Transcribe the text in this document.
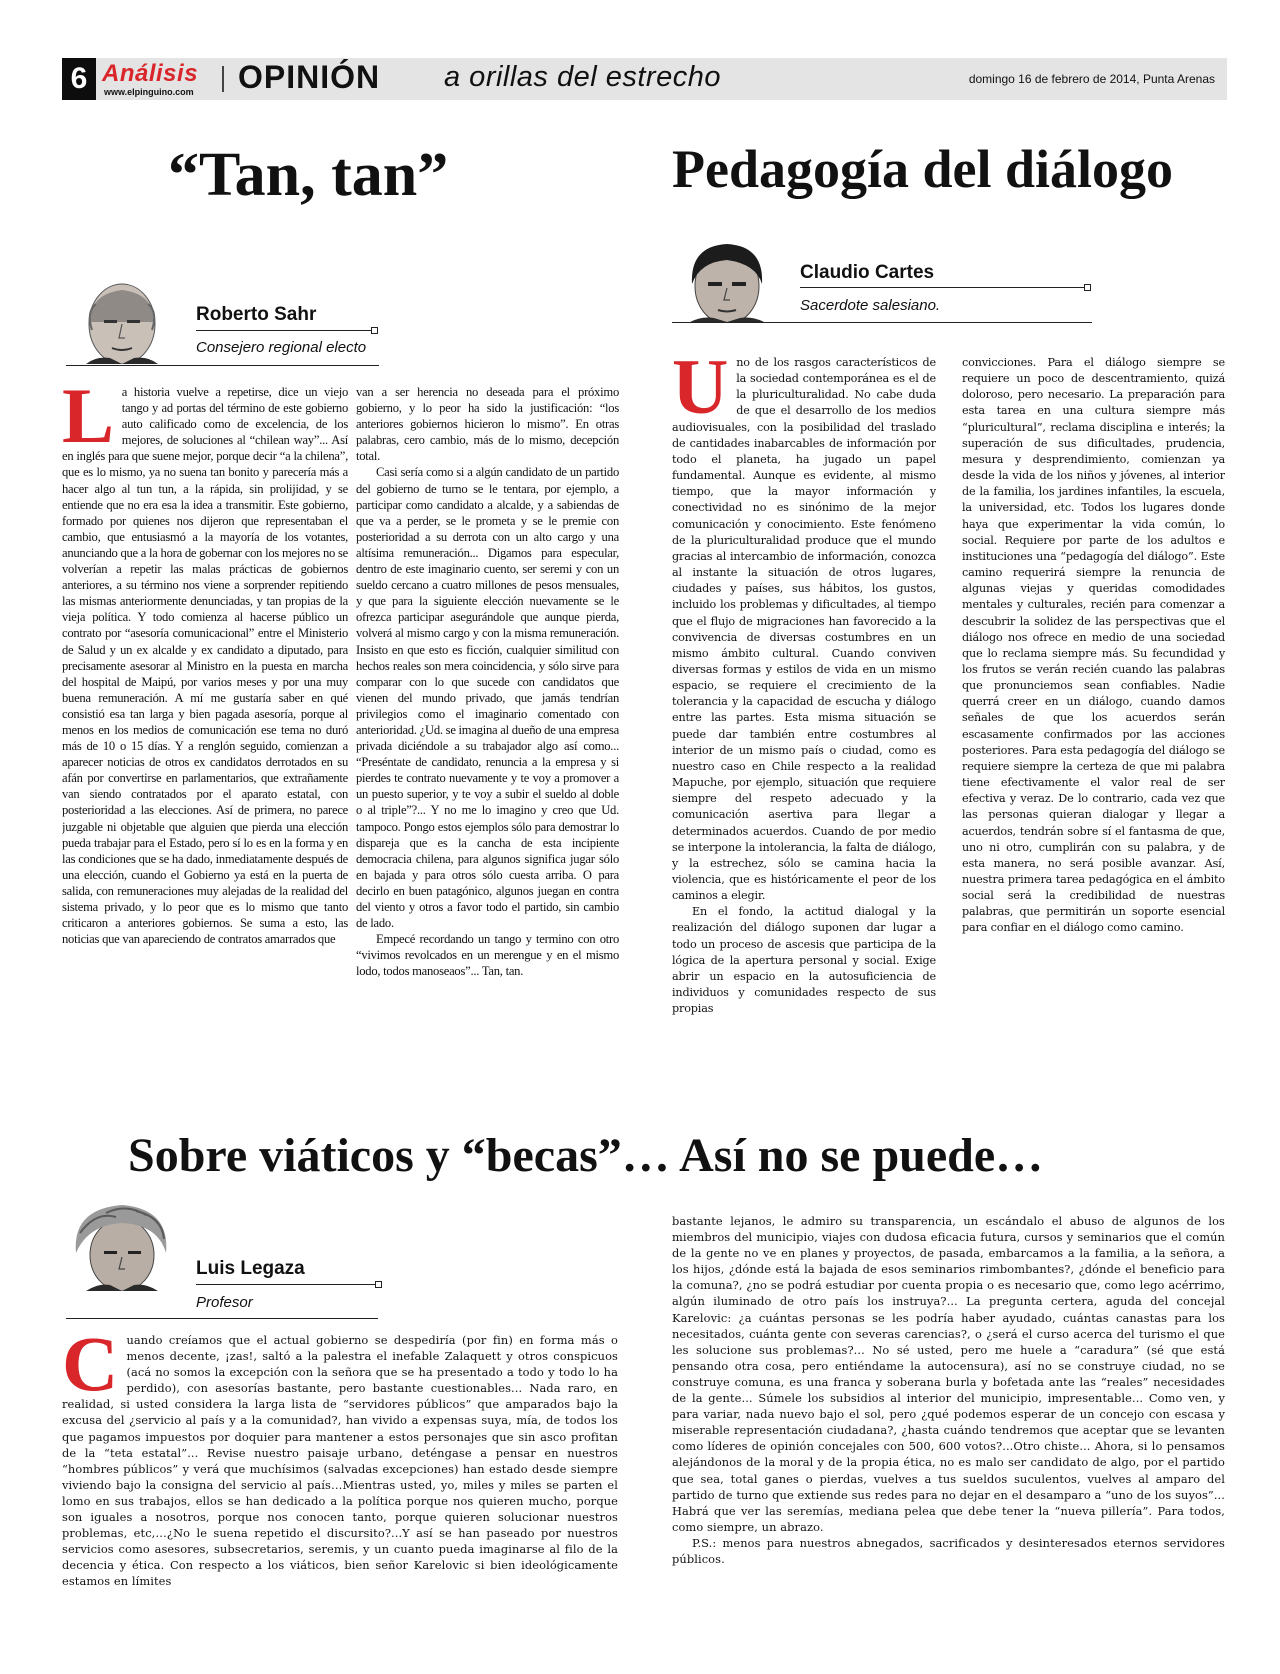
6 Análisis
www.elpinguino.com OPINIÓN a orillas del estrecho	domingo 16 de febrero de 2014, Punta Arenas
“Tan, tan”
Roberto Sahr
Consejero regional electo
L a historia vuelve a repetirse, dice un viejo tango y ad portas del término de este gobierno auto calificado como de excelencia, de los mejores, de soluciones al “chilean way”... Así en inglés para que suene mejor, porque decir “a la chilena”, que es lo mismo, ya no suena tan bonito y parecería más a hacer algo al tun tun, a la rápida, sin prolijidad, y se entiende que no era esa la idea a transmitir. Este gobierno, formado por quienes nos dijeron que representaban el cambio, que entusiasmó a la mayoría de los votantes, anunciando que a la hora de gobernar con los mejores no se volverían a repetir las malas prácticas de gobiernos anteriores, a su término nos viene a sorprender repitiendo las mismas anteriormente denunciadas, y tan propias de la vieja política. Y todo comienza al hacerse público un contrato por “asesoría comunicacional” entre el Ministerio de Salud y un ex alcalde y ex candidato a diputado, para precisamente asesorar al Ministro en la puesta en marcha del hospital de Maipú, por varios meses y por una muy buena remuneración. A mí me gustaría saber en qué consistió esa tan larga y bien pagada asesoría, porque al menos en los medios de comunicación ese tema no duró más de 10 o 15 días. Y a renglón seguido, comienzan a aparecer noticias de otros ex candidatos derrotados en su afán por convertirse en parlamentarios, que extrañamente van siendo contratados por el aparato estatal, con posterioridad a las elecciones. Así de primera, no parece juzgable ni objetable que alguien que pierda una elección pueda trabajar para el Estado, pero sí lo es en la forma y en las condiciones que se ha dado, inmediatamente después de una elección, cuando el Gobierno ya está en la puerta de salida, con remuneraciones muy alejadas de la realidad del sistema privado, y lo peor que es lo mismo que tanto criticaron a anteriores gobiernos. Se suma a esto, las noticias que van apareciendo de contratos amarrados que

van a ser herencia no deseada para el próximo gobierno, y lo peor ha sido la justificación: “los anteriores gobiernos hicieron lo mismo”. En otras palabras, cero cambio, más de lo mismo, decepción total.

Casi sería como si a algún candidato de un partido del gobierno de turno se le tentara, por ejemplo, a participar como candidato a alcalde, y a sabiendas de que va a perder, se le prometa y se le premie con posterioridad a su derrota con un alto cargo y una altísima remuneración... Digamos para especular, dentro de este imaginario cuento, ser seremi y con un sueldo cercano a cuatro millones de pesos mensuales, y que para la siguiente elección nuevamente se le ofrezca participar asegurándole que aunque pierda, volverá al mismo cargo y con la misma remuneración. Insisto en que esto es ficción, cualquier similitud con hechos reales son mera coincidencia, y sólo sirve para comparar con lo que sucede con candidatos que vienen del mundo privado, que jamás tendrían privilegios como el imaginario comentado con anterioridad. ¿Ud. se imagina al dueño de una empresa privada diciéndole a su trabajador algo así como... “Preséntate de candidato, renuncia a la empresa y si pierdes te contrato nuevamente y te voy a promover a un puesto superior, y te voy a subir el sueldo al doble o al triple”?... Y no me lo imagino y creo que Ud. tampoco. Pongo estos ejemplos sólo para demostrar lo dispareja que es la cancha de esta incipiente democracia chilena, para algunos significa jugar sólo en bajada y para otros sólo cuesta arriba. O para decirlo en buen patagónico, algunos juegan en contra del viento y otros a favor todo el partido, sin cambio de lado.

Empecé recordando un tango y termino con otro “vivimos revolcados en un merengue y en el mismo lodo, todos manoseaos”... Tan, tan.

Pedagogía del diálogo
Claudio Cartes
Sacerdote salesiano.
U no de los rasgos característicos de la sociedad contemporánea es el de la pluriculturalidad. No cabe duda de que el desarrollo de los medios audiovisuales, con la posibilidad del traslado de cantidades inabarcables de información por todo el planeta, ha jugado un papel fundamental. Aunque es evidente, al mismo tiempo, que la mayor información y conectividad no es sinónimo de la mejor comunicación y conocimiento. Este fenómeno de la pluriculturalidad produce que el mundo gracias al intercambio de información, conozca al instante la situación de otros lugares, ciudades y países, sus hábitos, los gustos, incluido los problemas y dificultades, al tiempo que el flujo de migraciones han favorecido a la convivencia de diversas costumbres en un mismo ámbito cultural. Cuando conviven diversas formas y estilos de vida en un mismo espacio, se requiere el crecimiento de la tolerancia y la capacidad de escucha y diálogo entre las partes. Esta misma situación se puede dar también entre costumbres al interior de un mismo país o ciudad, como es nuestro caso en Chile respecto a la realidad Mapuche, por ejemplo, situación que requiere siempre del respeto adecuado y la comunicación asertiva para llegar a determinados acuerdos. Cuando de por medio se interpone la intolerancia, la falta de diálogo, y la estrechez, sólo se camina hacia la violencia, que es históricamente el peor de los caminos a elegir.

En el fondo, la actitud dialogal y la realización del diálogo suponen dar lugar a todo un proceso de ascesis que participa de la lógica de la apertura personal y social. Exige abrir un espacio en la autosuficiencia de individuos y comunidades respecto de sus propias

convicciones. Para el diálogo siempre se requiere un poco de descentramiento, quizá doloroso, pero necesario. La preparación para esta tarea en una cultura siempre más “pluricultural”, reclama disciplina e interés; la superación de sus dificultades, prudencia, mesura y desprendimiento, comienzan ya desde la vida de los niños y jóvenes, al interior de la familia, los jardines infantiles, la escuela, la universidad, etc. Todos los lugares donde haya que experimentar la vida común, lo social. Requiere por parte de los adultos e instituciones una “pedagogía del diálogo”. Este camino requerirá siempre la renuncia de algunas viejas y queridas comodidades mentales y culturales, recién para comenzar a descubrir la solidez de las perspectivas que el diálogo nos ofrece en medio de una sociedad que lo reclama siempre más. Su fecundidad y los frutos se verán recién cuando las palabras que pronunciemos sean confiables. Nadie querrá creer en un diálogo, cuando damos señales de que los acuerdos serán escasamente confirmados por las acciones posteriores. Para esta pedagogía del diálogo se requiere siempre la certeza de que mi palabra tiene efectivamente el valor real de ser efectiva y veraz. De lo contrario, cada vez que las personas quieran dialogar y llegar a acuerdos, tendrán sobre sí el fantasma de que, uno ni otro, cumplirán con su palabra, y de esta manera, no será posible avanzar. Así, nuestra primera tarea pedagógica en el ámbito social será la credibilidad de nuestras palabras, que permitirán un soporte esencial para confiar en el diálogo como camino.

Sobre viáticos y “becas”… Así no se puede…
Luis Legaza
Profesor
C uando creíamos que el actual gobierno se despediría (por fin) en forma más o menos decente, ¡zas!, saltó a la palestra el inefable Zalaquett y otros conspicuos (acá no somos la excepción con la señora que se ha presentado a todo y todo lo ha perdido), con asesorías bastante, pero bastante cuestionables... Nada raro, en realidad, si usted considera la larga lista de “servidores públicos” que amparados bajo la excusa del ¿servicio al país y a la comunidad?, han vivido a expensas suya, mía, de todos los que pagamos impuestos por doquier para mantener a estos personajes que sin asco profitan de la “teta estatal”... Revise nuestro paisaje urbano, deténgase a pensar en nuestros “hombres públicos” y verá que muchísimos (salvadas excepciones) han estado desde siempre viviendo bajo la consigna del servicio al país…Mientras usted, yo, miles y miles se parten el lomo en sus trabajos, ellos se han dedicado a la política porque nos quieren mucho, porque son iguales a nosotros, porque nos conocen tanto, porque quieren solucionar nuestros problemas, etc,…¿No le suena repetido el discursito?...Y así se han paseado por nuestros servicios como asesores, subsecretarios, seremis, y un cuanto pueda imaginarse al filo de la decencia y ética. Con respecto a los viáticos, bien señor Karelovic si bien ideológicamente estamos en límites

bastante lejanos, le admiro su transparencia, un escándalo el abuso de algunos de los miembros del municipio, viajes con dudosa eficacia futura, cursos y seminarios que el común de la gente no ve en planes y proyectos, de pasada, embarcamos a la familia, a la señora, a los hijos, ¿dónde está la bajada de esos seminarios rimbombantes?, ¿dónde el beneficio para la comuna?, ¿no se podrá estudiar por cuenta propia o es necesario que, como lego acérrimo, algún iluminado de otro país los instruya?... La pregunta certera, aguda del concejal Karelovic: ¿a cuántas personas se les podría haber ayudado, cuántas canastas para los necesitados, cuánta gente con severas carencias?, o ¿será el curso acerca del turismo el que les solucione sus problemas?... No sé usted, pero me huele a “caradura” (sé que está pensando otra cosa, pero entiéndame la autocensura), así no se construye ciudad, no se construye comuna, es una franca y soberana burla y bofetada ante las “reales” necesidades de la gente... Súmele los subsidios al interior del municipio, impresentable... Como ven, y para variar, nada nuevo bajo el sol, pero ¿qué podemos esperar de un concejo con escasa y miserable representación ciudadana?, ¿hasta cuándo tendremos que aceptar que se levanten como líderes de opinión concejales con 500, 600 votos?...Otro chiste... Ahora, si lo pensamos alejándonos de la moral y de la propia ética, no es malo ser candidato de algo, por el partido que sea, total ganes o pierdas, vuelves a tus sueldos suculentos, vuelves al amparo del partido de turno que extiende sus redes para no dejar en el desamparo a “uno de los suyos”... Habrá que ver las seremías, mediana pelea que debe tener la “nueva pillería”. Para todos, como siempre, un abrazo.

P.S.: menos para nuestros abnegados, sacrificados y desinteresados eternos servidores públicos.
